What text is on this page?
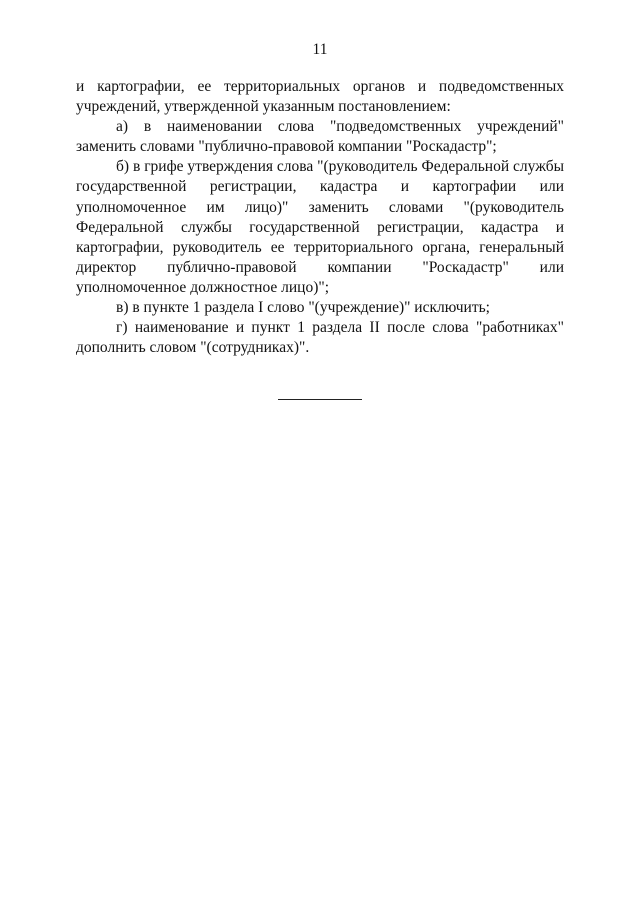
11

и картографии, ее территориальных органов и подведомственных учреждений, утвержденной указанным постановлением:

а) в наименовании слова "подведомственных учреждений" заменить словами "публично-правовой компании "Роскадастр";

б) в грифе утверждения слова "(руководитель Федеральной службы государственной регистрации, кадастра и картографии или уполномоченное им лицо)" заменить словами "(руководитель Федеральной службы государственной регистрации, кадастра и картографии, руководитель ее территориального органа, генеральный директор публично-правовой компании "Роскадастр" или уполномоченное должностное лицо)";

в) в пункте 1 раздела I слово "(учреждение)" исключить;

г) наименование и пункт 1 раздела II после слова "работниках" дополнить словом "(сотрудниках)".
